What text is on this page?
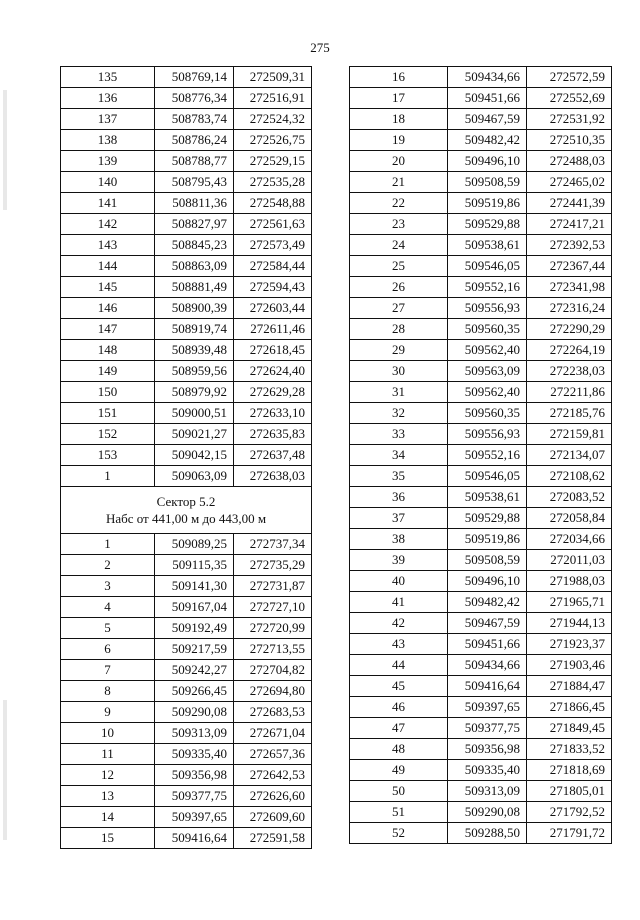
275
135	508769,14	272509,31
136	508776,34	272516,91
137	508783,74	272524,32
138	508786,24	272526,75
139	508788,77	272529,15
140	508795,43	272535,28
141	508811,36	272548,88
142	508827,97	272561,63
143	508845,23	272573,49
144	508863,09	272584,44
145	508881,49	272594,43
146	508900,39	272603,44
147	508919,74	272611,46
148	508939,48	272618,45
149	508959,56	272624,40
150	508979,92	272629,28
151	509000,51	272633,10
152	509021,27	272635,83
153	509042,15	272637,48
1	509063,09	272638,03

Сектор 5.2
Набс от 441,00 м до 443,00 м		

1	509089,25	272737,34
2	509115,35	272735,29
3	509141,30	272731,87
4	509167,04	272727,10
5	509192,49	272720,99
6	509217,59	272713,55
7	509242,27	272704,82
8	509266,45	272694,80
9	509290,08	272683,53
10	509313,09	272671,04
11	509335,40	272657,36
12	509356,98	272642,53
13	509377,75	272626,60
14	509397,65	272609,60
15	509416,64	272591,58
16	509434,66	272572,59
17	509451,66	272552,69
18	509467,59	272531,92
19	509482,42	272510,35
20	509496,10	272488,03
21	509508,59	272465,02
22	509519,86	272441,39
23	509529,88	272417,21
24	509538,61	272392,53
25	509546,05	272367,44
26	509552,16	272341,98
27	509556,93	272316,24
28	509560,35	272290,29
29	509562,40	272264,19
30	509563,09	272238,03
31	509562,40	272211,86
32	509560,35	272185,76
33	509556,93	272159,81
34	509552,16	272134,07
35	509546,05	272108,62
36	509538,61	272083,52
37	509529,88	272058,84
38	509519,86	272034,66
39	509508,59	272011,03
40	509496,10	271988,03
41	509482,42	271965,71
42	509467,59	271944,13
43	509451,66	271923,37
44	509434,66	271903,46
45	509416,64	271884,47
46	509397,65	271866,45
47	509377,75	271849,45
48	509356,98	271833,52
49	509335,40	271818,69
50	509313,09	271805,01
51	509290,08	271792,52
52	509288,50	271791,72
